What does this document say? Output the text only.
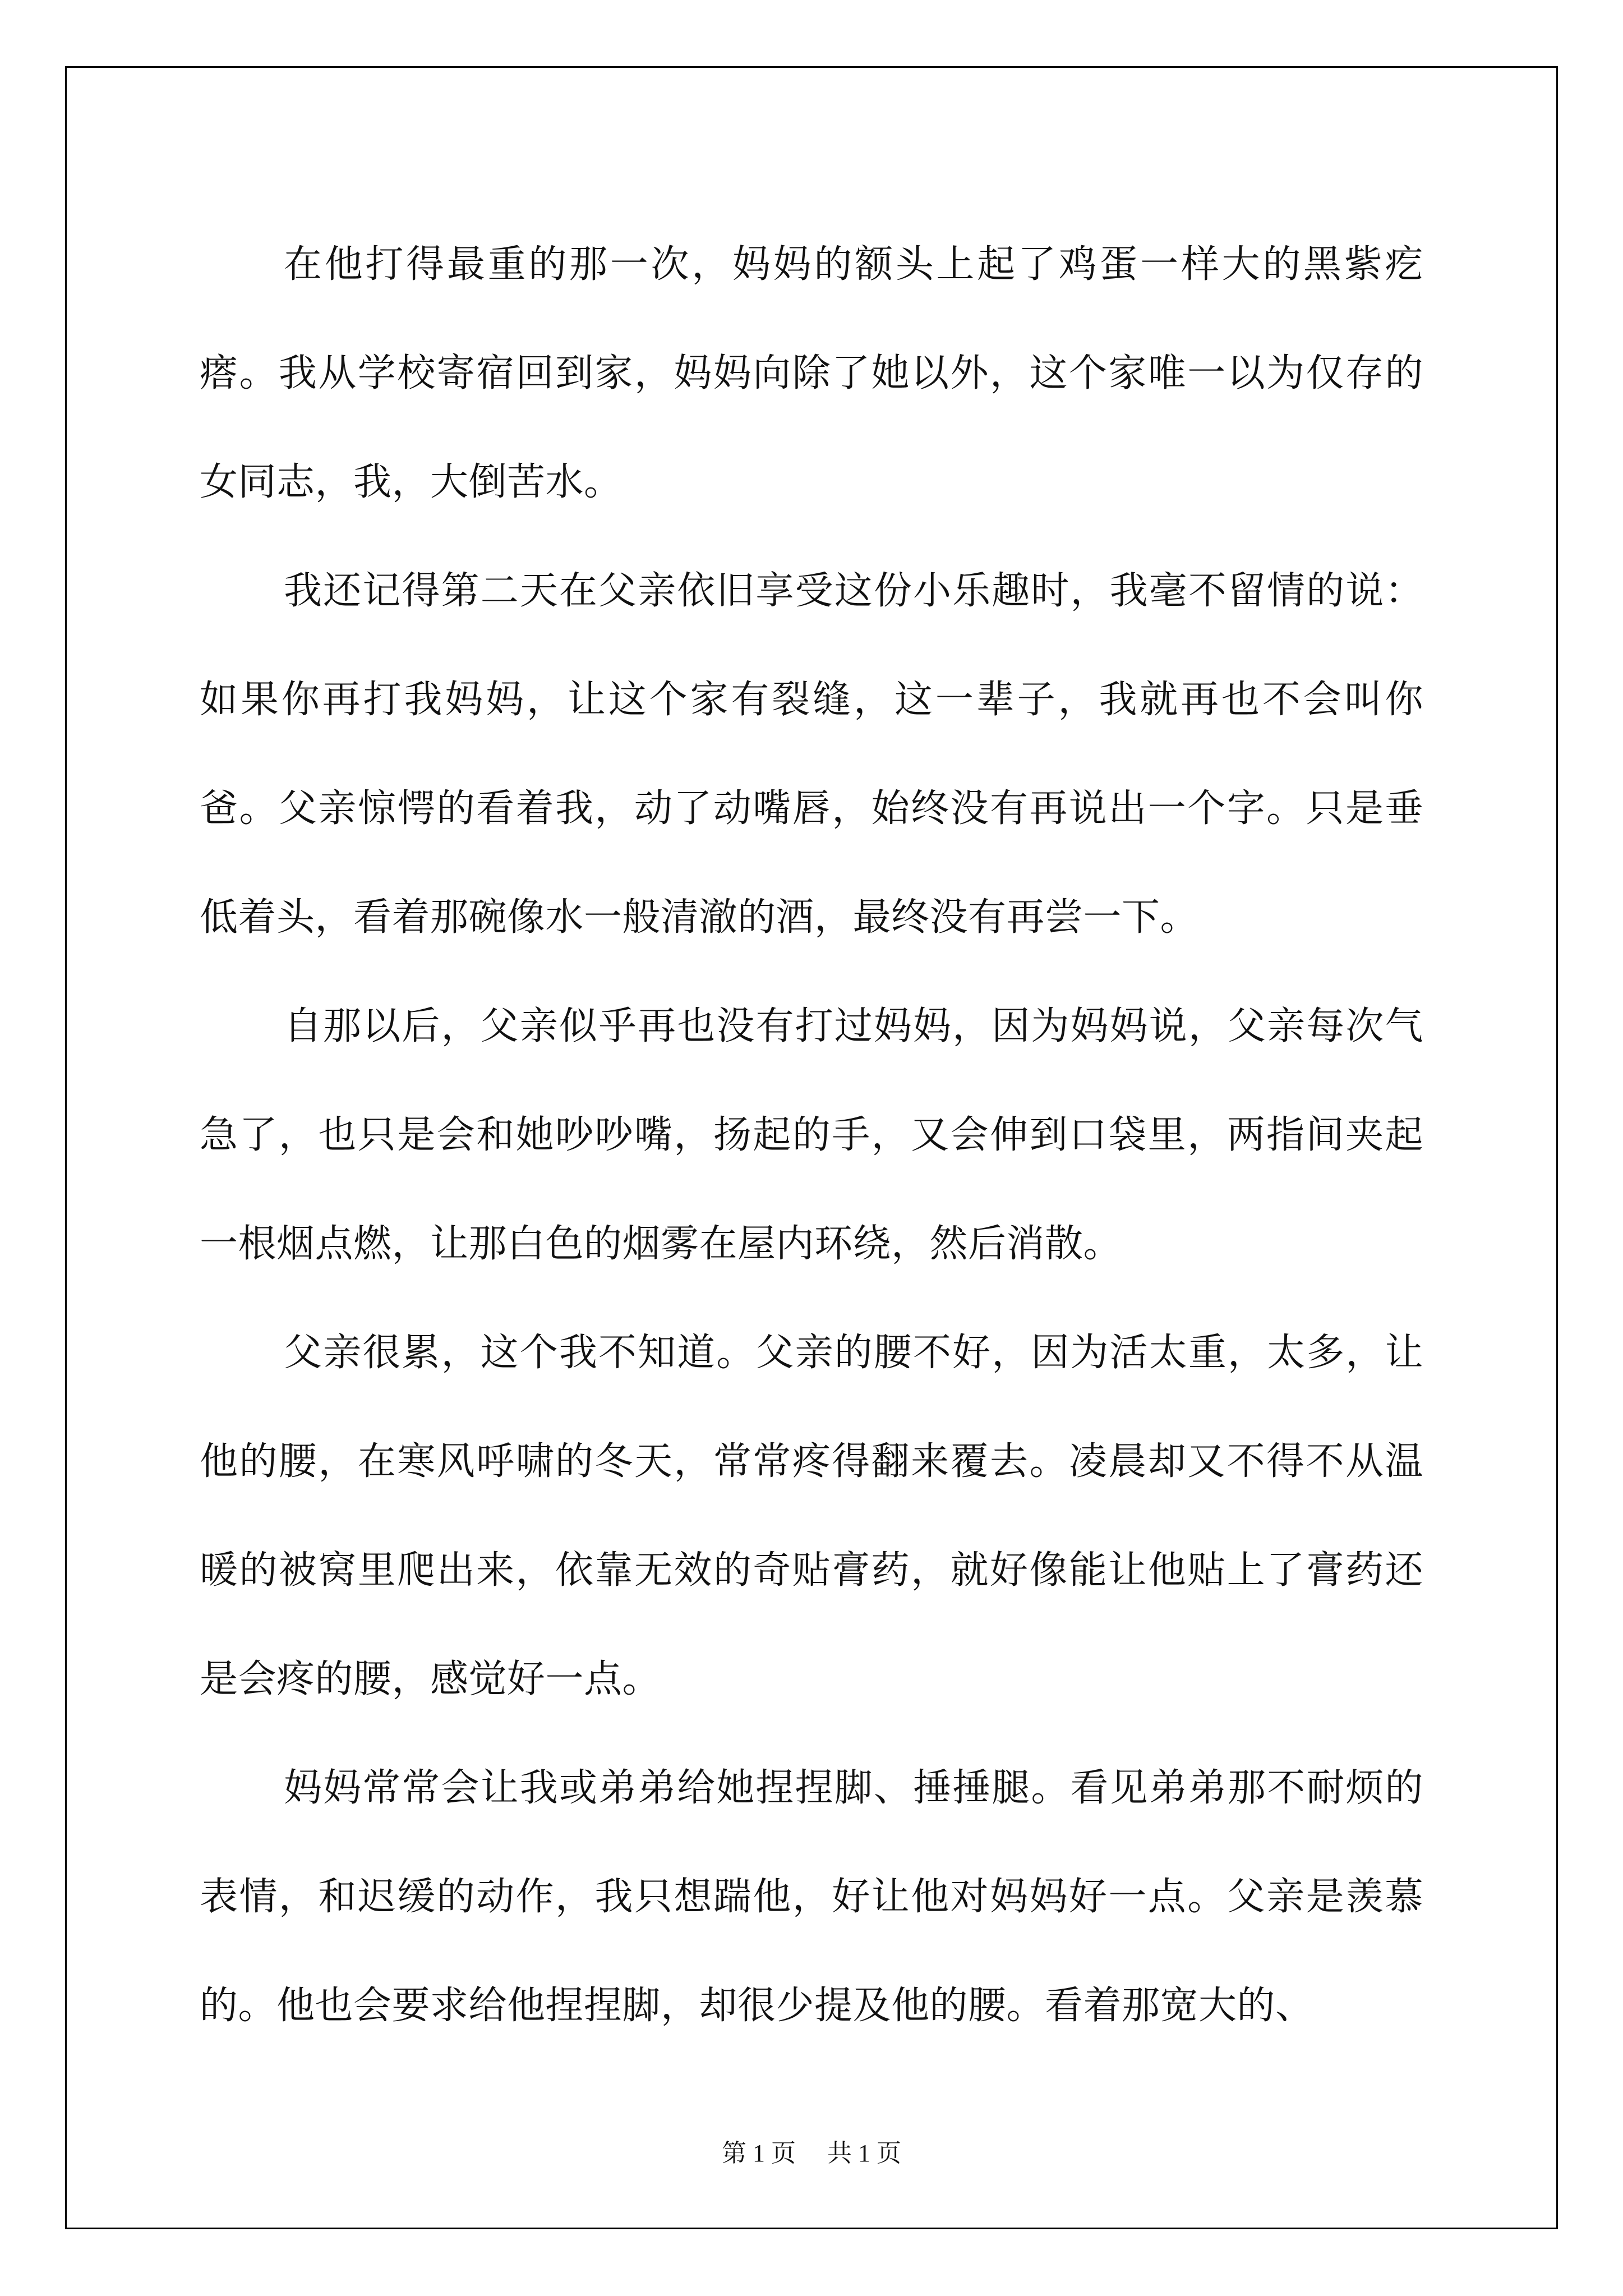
在他打得最重的那一次，妈妈的额头上起了鸡蛋一样大的黑紫疙瘩。我从学校寄宿回到家，妈妈向除了她以外，这个家唯一以为仅存的女同志，我，大倒苦水。

我还记得第二天在父亲依旧享受这份小乐趣时，我毫不留情的说：如果你再打我妈妈，让这个家有裂缝，这一辈子，我就再也不会叫你爸。父亲惊愕的看着我，动了动嘴唇，始终没有再说出一个字。只是垂低着头，看着那碗像水一般清澈的酒，最终没有再尝一下。

自那以后，父亲似乎再也没有打过妈妈，因为妈妈说，父亲每次气急了，也只是会和她吵吵嘴，扬起的手，又会伸到口袋里，两指间夹起一根烟点燃，让那白色的烟雾在屋内环绕，然后消散。

父亲很累，这个我不知道。父亲的腰不好，因为活太重，太多，让他的腰，在寒风呼啸的冬天，常常疼得翻来覆去。凌晨却又不得不从温暖的被窝里爬出来，依靠无效的奇贴膏药，就好像能让他贴上了膏药还是会疼的腰，感觉好一点。

妈妈常常会让我或弟弟给她捏捏脚、捶捶腿。看见弟弟那不耐烦的表情，和迟缓的动作，我只想踹他，好让他对妈妈好一点。父亲是羡慕的。他也会要求给他捏捏脚，却很少提及他的腰。看着那宽大的、

第 1 页 共 1 页
